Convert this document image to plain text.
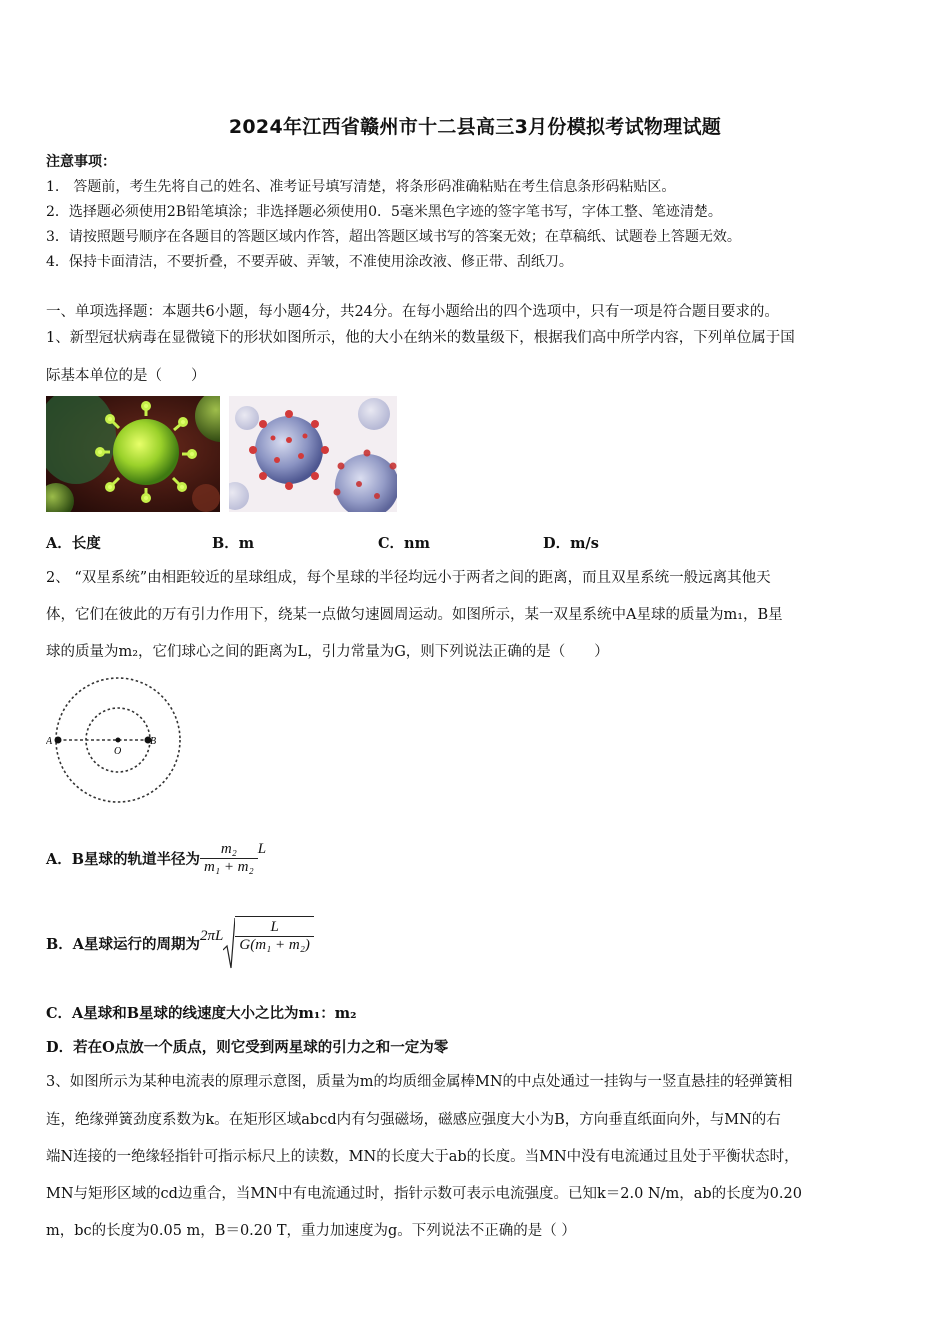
2024年江西省赣州市十二县高三3月份模拟考试物理试题
注意事项：
1.　答题前，考生先将自己的姓名、准考证号填写清楚，将条形码准确粘贴在考生信息条形码粘贴区。
2．选择题必须使用2B铅笔填涂；非选择题必须使用0．5毫米黑色字迹的签字笔书写，字体工整、笔迹清楚。
3．请按照题号顺序在各题目的答题区域内作答，超出答题区域书写的答案无效；在草稿纸、试题卷上答题无效。
4．保持卡面清洁，不要折叠，不要弄破、弄皱，不准使用涂改液、修正带、刮纸刀。
一、单项选择题：本题共6小题，每小题4分，共24分。在每小题给出的四个选项中，只有一项是符合题目要求的。
1、新型冠状病毒在显微镜下的形状如图所示，他的大小在纳米的数量级下，根据我们高中所学内容，下列单位属于国
际基本单位的是（　　）
A．长度	B．m	C．nm	D．m/s
2、 “双星系统”由相距较近的星球组成，每个星球的半径均远小于两者之间的距离，而且双星系统一般远离其他天
体，它们在彼此的万有引力作用下，绕某一点做匀速圆周运动。如图所示，某一双星系统中A星球的质量为m₁，B星
球的质量为m₂，它们球心之间的距离为L，引力常量为G，则下列说法正确的是（　　）
A
O
B
A．B星球的轨道半径为 $\frac{\text{m₂}}{\text{m₁ + m₂}}$ L
B．A星球运行的周期为 $2\pi L \frac{L}{\text{G(m₁ + m₂)}}$
C．A星球和B星球的线速度大小之比为m₁：m₂
D．若在O点放一个质点，则它受到两星球的引力之和一定为零
3、如图所示为某种电流表的原理示意图，质量为m的均质细金属棒MN的中点处通过一挂钩与一竖直悬挂的轻弹簧相
连，绝缘弹簧劲度系数为k。在矩形区域abcd内有匀强磁场，磁感应强度大小为B，方向垂直纸面向外，与MN的右
端N连接的一绝缘轻指针可指示标尺上的读数，MN的长度大于ab的长度。当MN中没有电流通过且处于平衡状态时，
MN与矩形区域的cd边重合，当MN中有电流通过时，指针示数可表示电流强度。已知k＝2.0 N/m，ab的长度为0.20
m，bc的长度为0.05 m，B＝0.20 T，重力加速度为g。下列说法不正确的是（ ）
